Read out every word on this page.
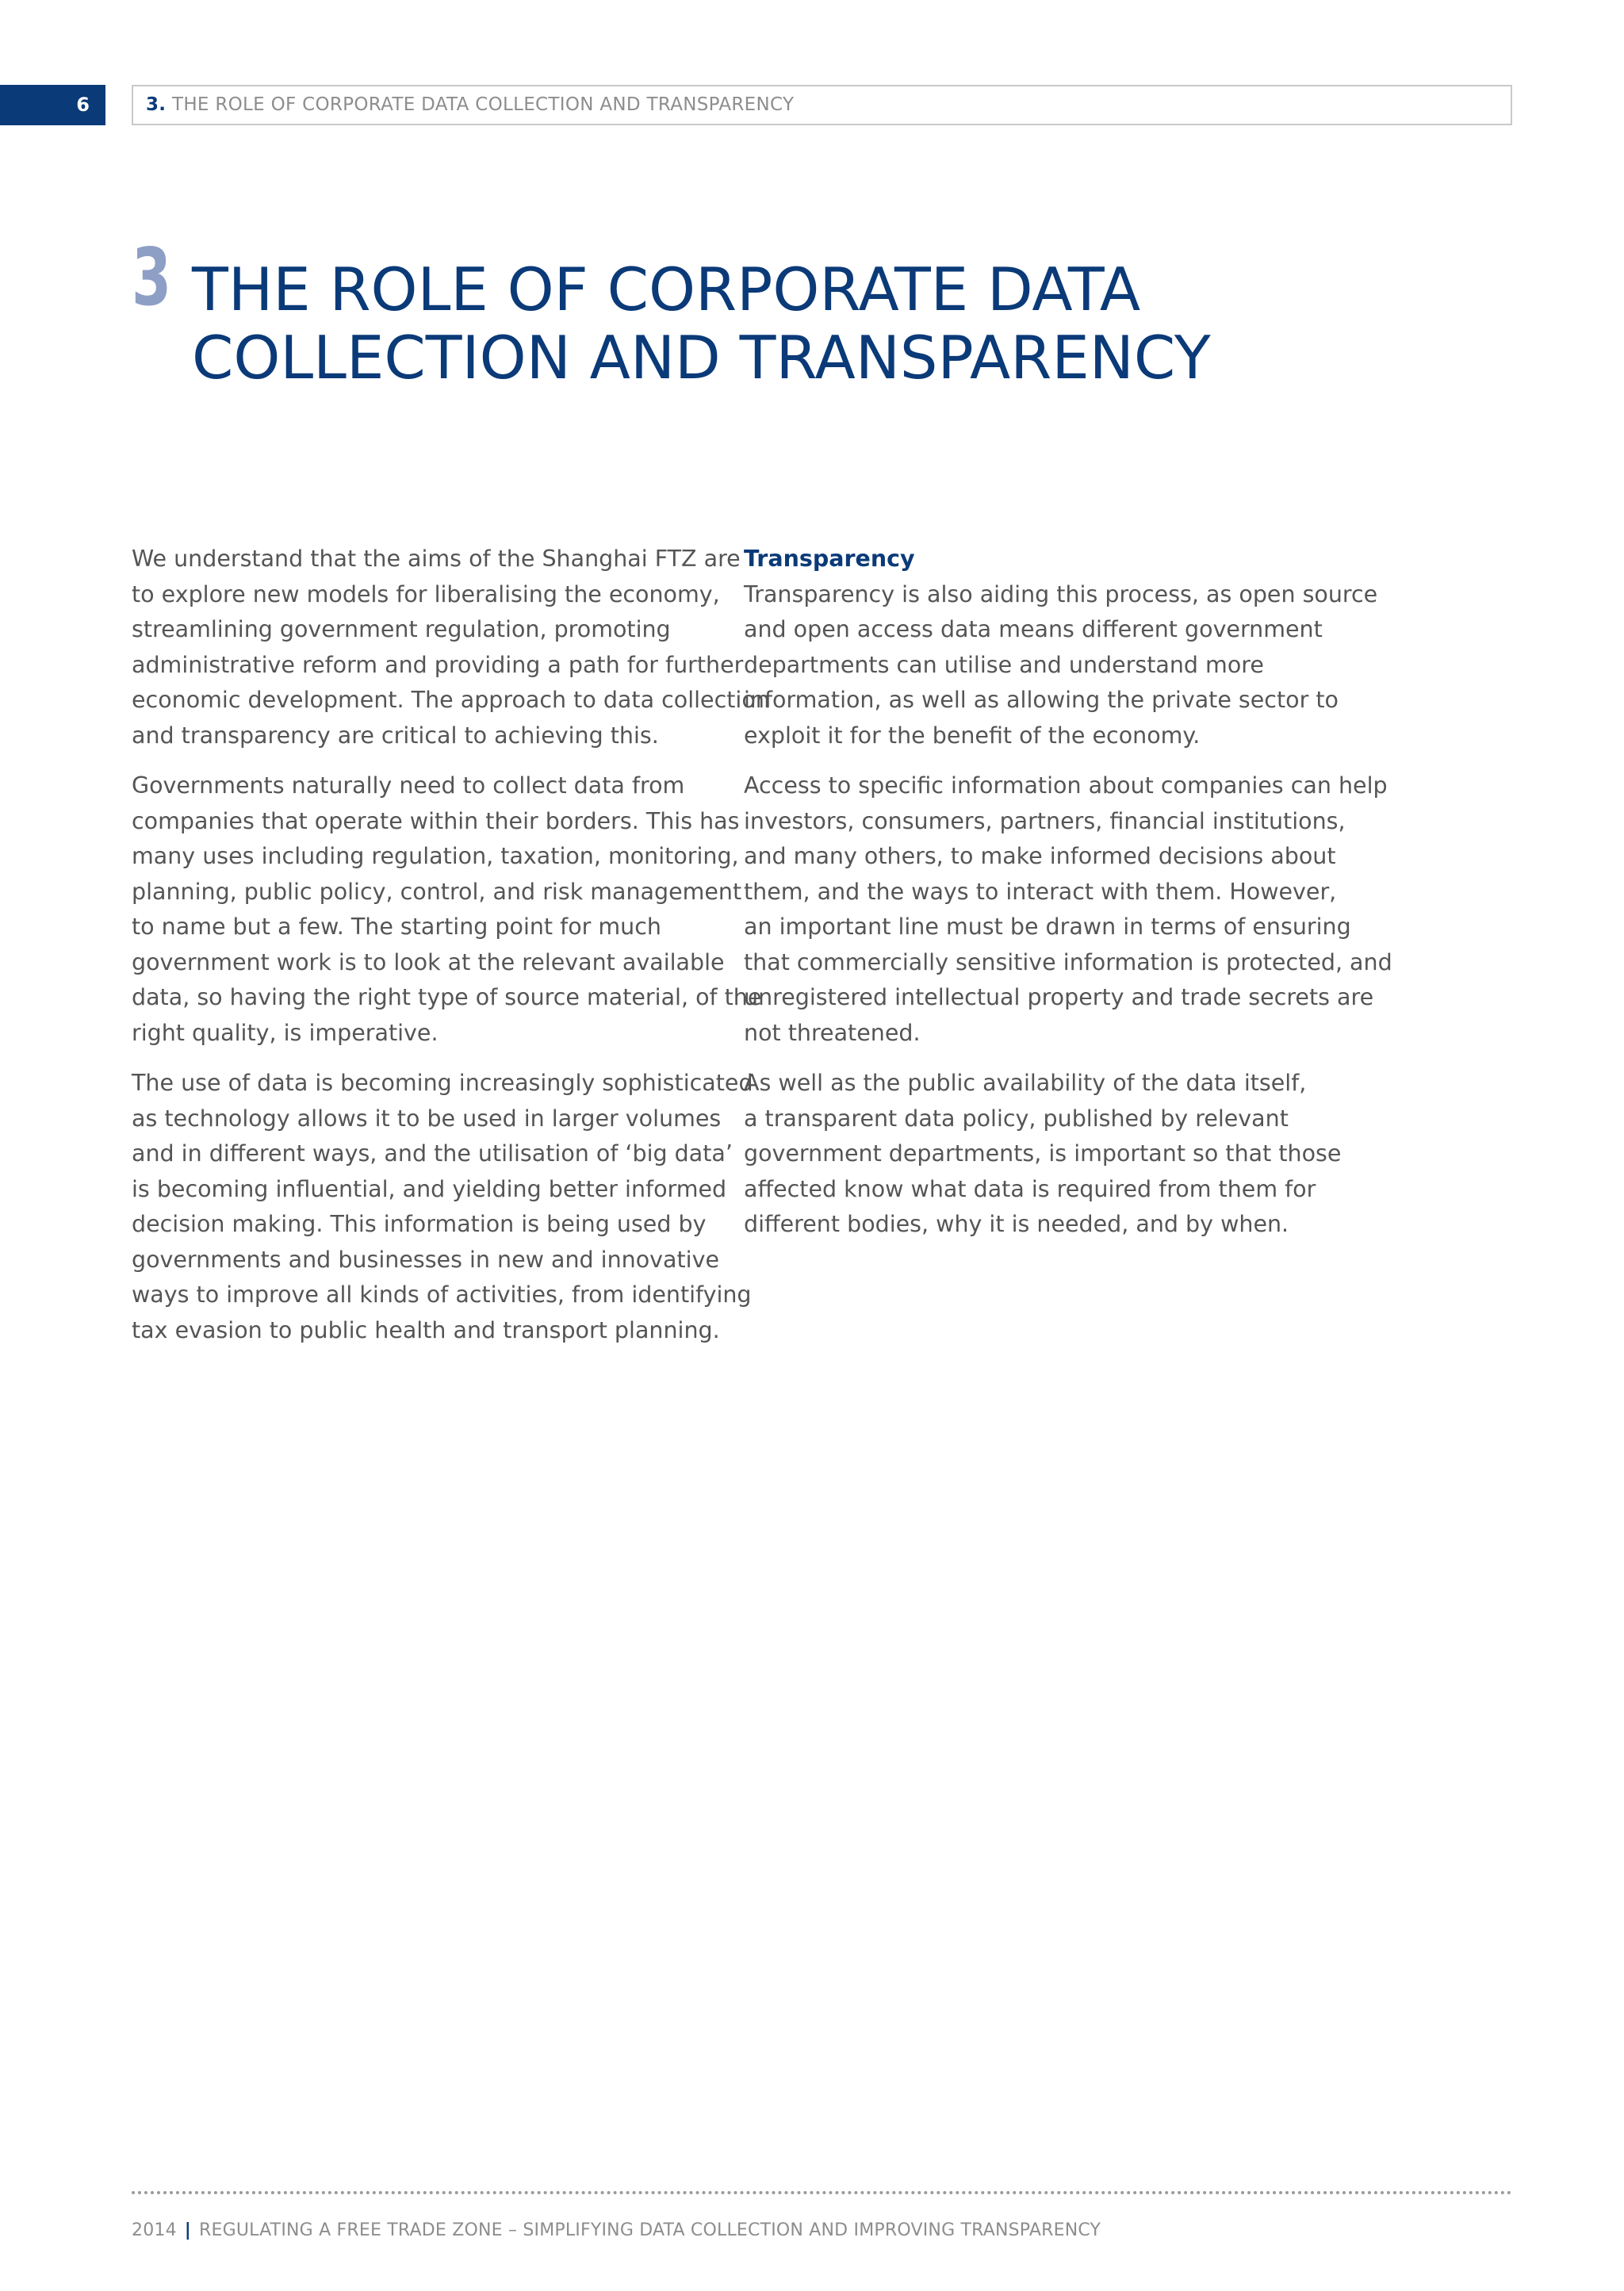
6	3. THE ROLE OF CORPORATE DATA COLLECTION AND TRANSPARENCY
3 THE ROLE OF CORPORATE DATA
COLLECTION AND TRANSPARENCY

We understand that the aims of the Shanghai FTZ are
to explore new models for liberalising the economy,
streamlining government regulation, promoting
administrative reform and providing a path for further
economic development. The approach to data collection
and transparency are critical to achieving this.

Governments naturally need to collect data from
companies that operate within their borders. This has
many uses including regulation, taxation, monitoring,
planning, public policy, control, and risk management
to name but a few. The starting point for much
government work is to look at the relevant available
data, so having the right type of source material, of the
right quality, is imperative.

The use of data is becoming increasingly sophisticated
as technology allows it to be used in larger volumes
and in different ways, and the utilisation of ‘big data’
is becoming influential, and yielding better informed
decision making. This information is being used by
governments and businesses in new and innovative
ways to improve all kinds of activities, from identifying
tax evasion to public health and transport planning.

Transparency
Transparency is also aiding this process, as open source
and open access data means different government
departments can utilise and understand more
information, as well as allowing the private sector to
exploit it for the benefit of the economy.

Access to specific information about companies can help
investors, consumers, partners, financial institutions,
and many others, to make informed decisions about
them, and the ways to interact with them. However,
an important line must be drawn in terms of ensuring
that commercially sensitive information is protected, and
unregistered intellectual property and trade secrets are
not threatened.

As well as the public availability of the data itself,
a transparent data policy, published by relevant
government departments, is important so that those
affected know what data is required from them for
different bodies, why it is needed, and by when.

2014 | REGULATING A FREE TRADE ZONE – SIMPLIFYING DATA COLLECTION AND IMPROVING TRANSPARENCY
